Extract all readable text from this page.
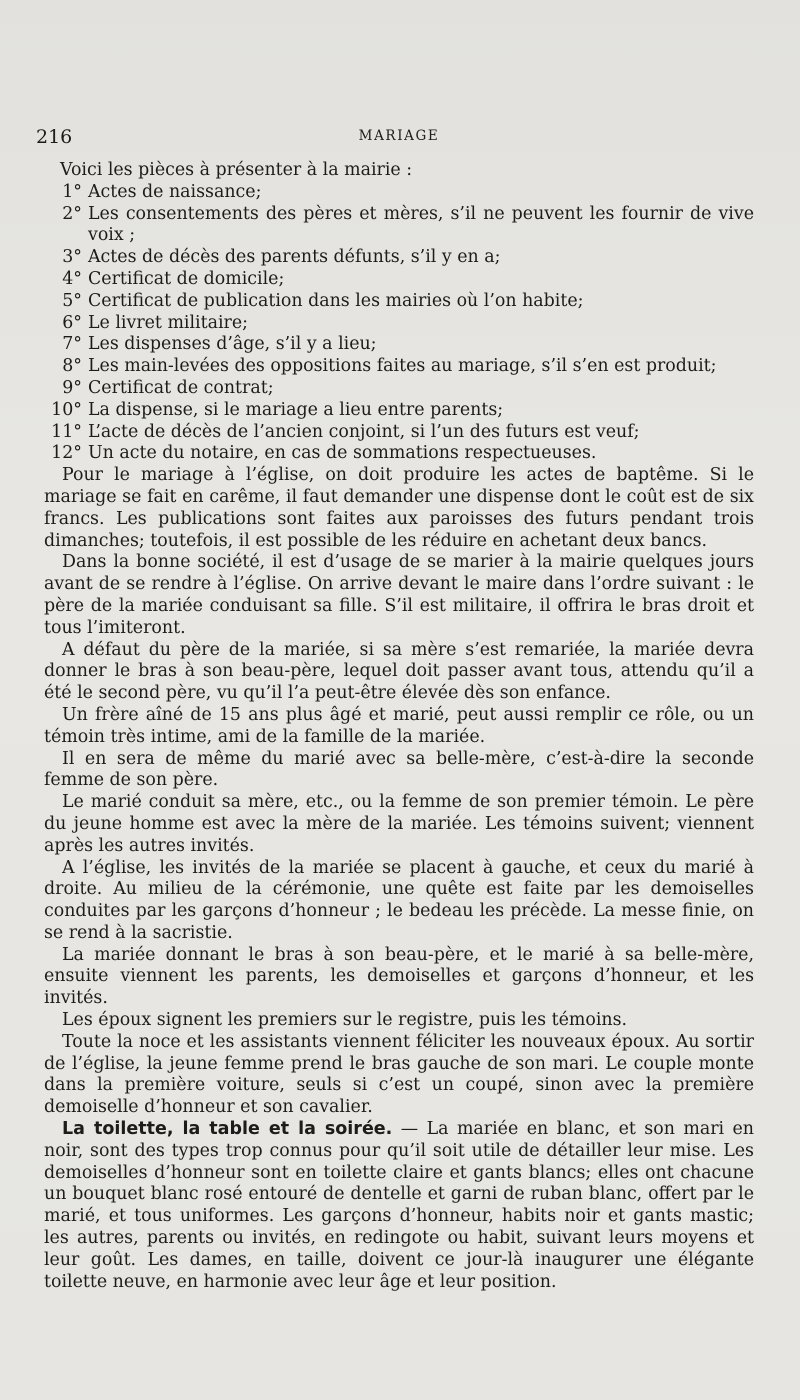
216	MARIAGE

Voici les pièces à présenter à la mairie :

1° Actes de naissance;
2° Les consentements des pères et mères, s’il ne peuvent les fournir de vive voix ;
3° Actes de décès des parents défunts, s’il y en a;
4° Certificat de domicile;
5° Certificat de publication dans les mairies où l’on habite;
6° Le livret militaire;
7° Les dispenses d’âge, s’il y a lieu;
8° Les main-levées des oppositions faites au mariage, s’il s’en est produit;
9° Certificat de contrat;
10° La dispense, si le mariage a lieu entre parents;
11° L’acte de décès de l’ancien conjoint, si l’un des futurs est veuf;
12° Un acte du notaire, en cas de sommations respectueuses.

Pour le mariage à l’église, on doit produire les actes de baptême. Si le mariage se fait en carême, il faut demander une dispense dont le coût est de six francs. Les publications sont faites aux paroisses des futurs pendant trois dimanches; toutefois, il est possible de les réduire en achetant deux bancs.

Dans la bonne société, il est d’usage de se marier à la mairie quelques jours avant de se rendre à l’église. On arrive devant le maire dans l’ordre suivant : le père de la mariée conduisant sa fille. S’il est militaire, il offrira le bras droit et tous l’imiteront.

A défaut du père de la mariée, si sa mère s’est remariée, la mariée devra donner le bras à son beau-père, lequel doit passer avant tous, attendu qu’il a été le second père, vu qu’il l’a peut-être élevée dès son enfance.

Un frère aîné de 15 ans plus âgé et marié, peut aussi remplir ce rôle, ou un témoin très intime, ami de la famille de la mariée.

Il en sera de même du marié avec sa belle-mère, c’est-à-dire la seconde femme de son père.

Le marié conduit sa mère, etc., ou la femme de son premier témoin. Le père du jeune homme est avec la mère de la mariée. Les témoins suivent; viennent après les autres invités.

A l’église, les invités de la mariée se placent à gauche, et ceux du marié à droite. Au milieu de la cérémonie, une quête est faite par les demoiselles conduites par les garçons d’honneur ; le bedeau les précède. La messe finie, on se rend à la sacristie.

La mariée donnant le bras à son beau-père, et le marié à sa belle-mère, ensuite viennent les parents, les demoiselles et garçons d’honneur, et les invités.

Les époux signent les premiers sur le registre, puis les témoins.

Toute la noce et les assistants viennent féliciter les nouveaux époux. Au sortir de l’église, la jeune femme prend le bras gauche de son mari. Le couple monte dans la première voiture, seuls si c’est un coupé, sinon avec la première demoiselle d’honneur et son cavalier.

La toilette, la table et la soirée. — La mariée en blanc, et son mari en noir, sont des types trop connus pour qu’il soit utile de détailler leur mise. Les demoiselles d’honneur sont en toilette claire et gants blancs; elles ont chacune un bouquet blanc rosé entouré de dentelle et garni de ruban blanc, offert par le marié, et tous uniformes. Les garçons d’honneur, habits noir et gants mastic; les autres, parents ou invités, en redingote ou habit, suivant leurs moyens et leur goût. Les dames, en taille, doivent ce jour-là inaugurer une élégante toilette neuve, en harmonie avec leur âge et leur position.
